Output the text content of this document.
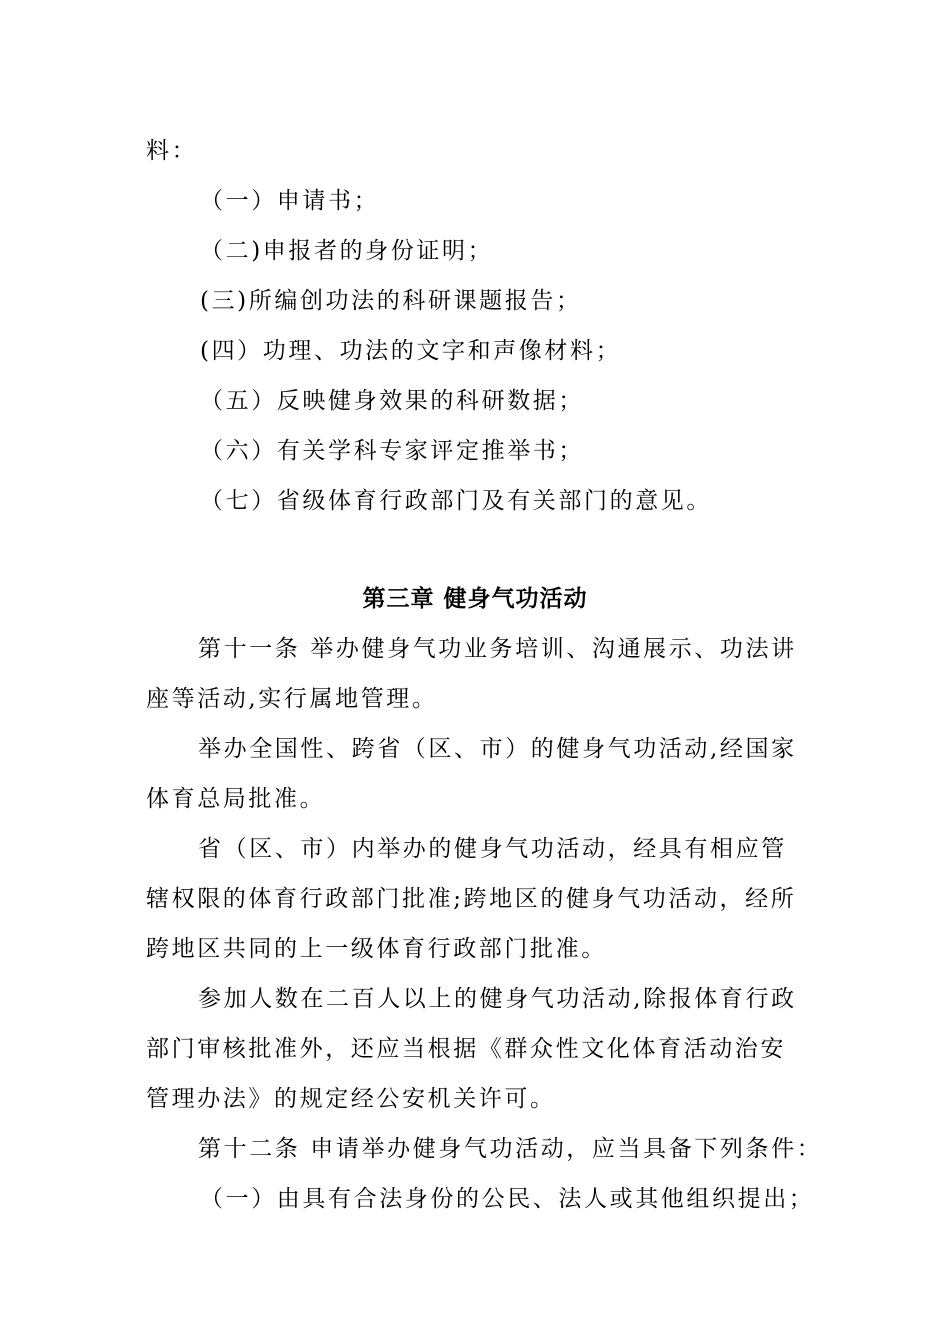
料：
（一）申请书；
（二)申报者的身份证明；
(三)所编创功法的科研课题报告；
(四）功理、功法的文字和声像材料；
（五）反映健身效果的科研数据；
（六）有关学科专家评定推举书；
（七）省级体育行政部门及有关部门的意见。
第三章 健身气功活动
第十一条 举办健身气功业务培训、沟通展示、功法讲
座等活动,实行属地管理。
举办全国性、跨省（区、市）的健身气功活动,经国家
体育总局批准。
省（区、市）内举办的健身气功活动，经具有相应管
辖权限的体育行政部门批准;跨地区的健身气功活动，经所
跨地区共同的上一级体育行政部门批准。
参加人数在二百人以上的健身气功活动,除报体育行政
部门审核批准外，还应当根据《群众性文化体育活动治安
管理办法》的规定经公安机关许可。
第十二条 申请举办健身气功活动，应当具备下列条件：
（一）由具有合法身份的公民、法人或其他组织提出；
